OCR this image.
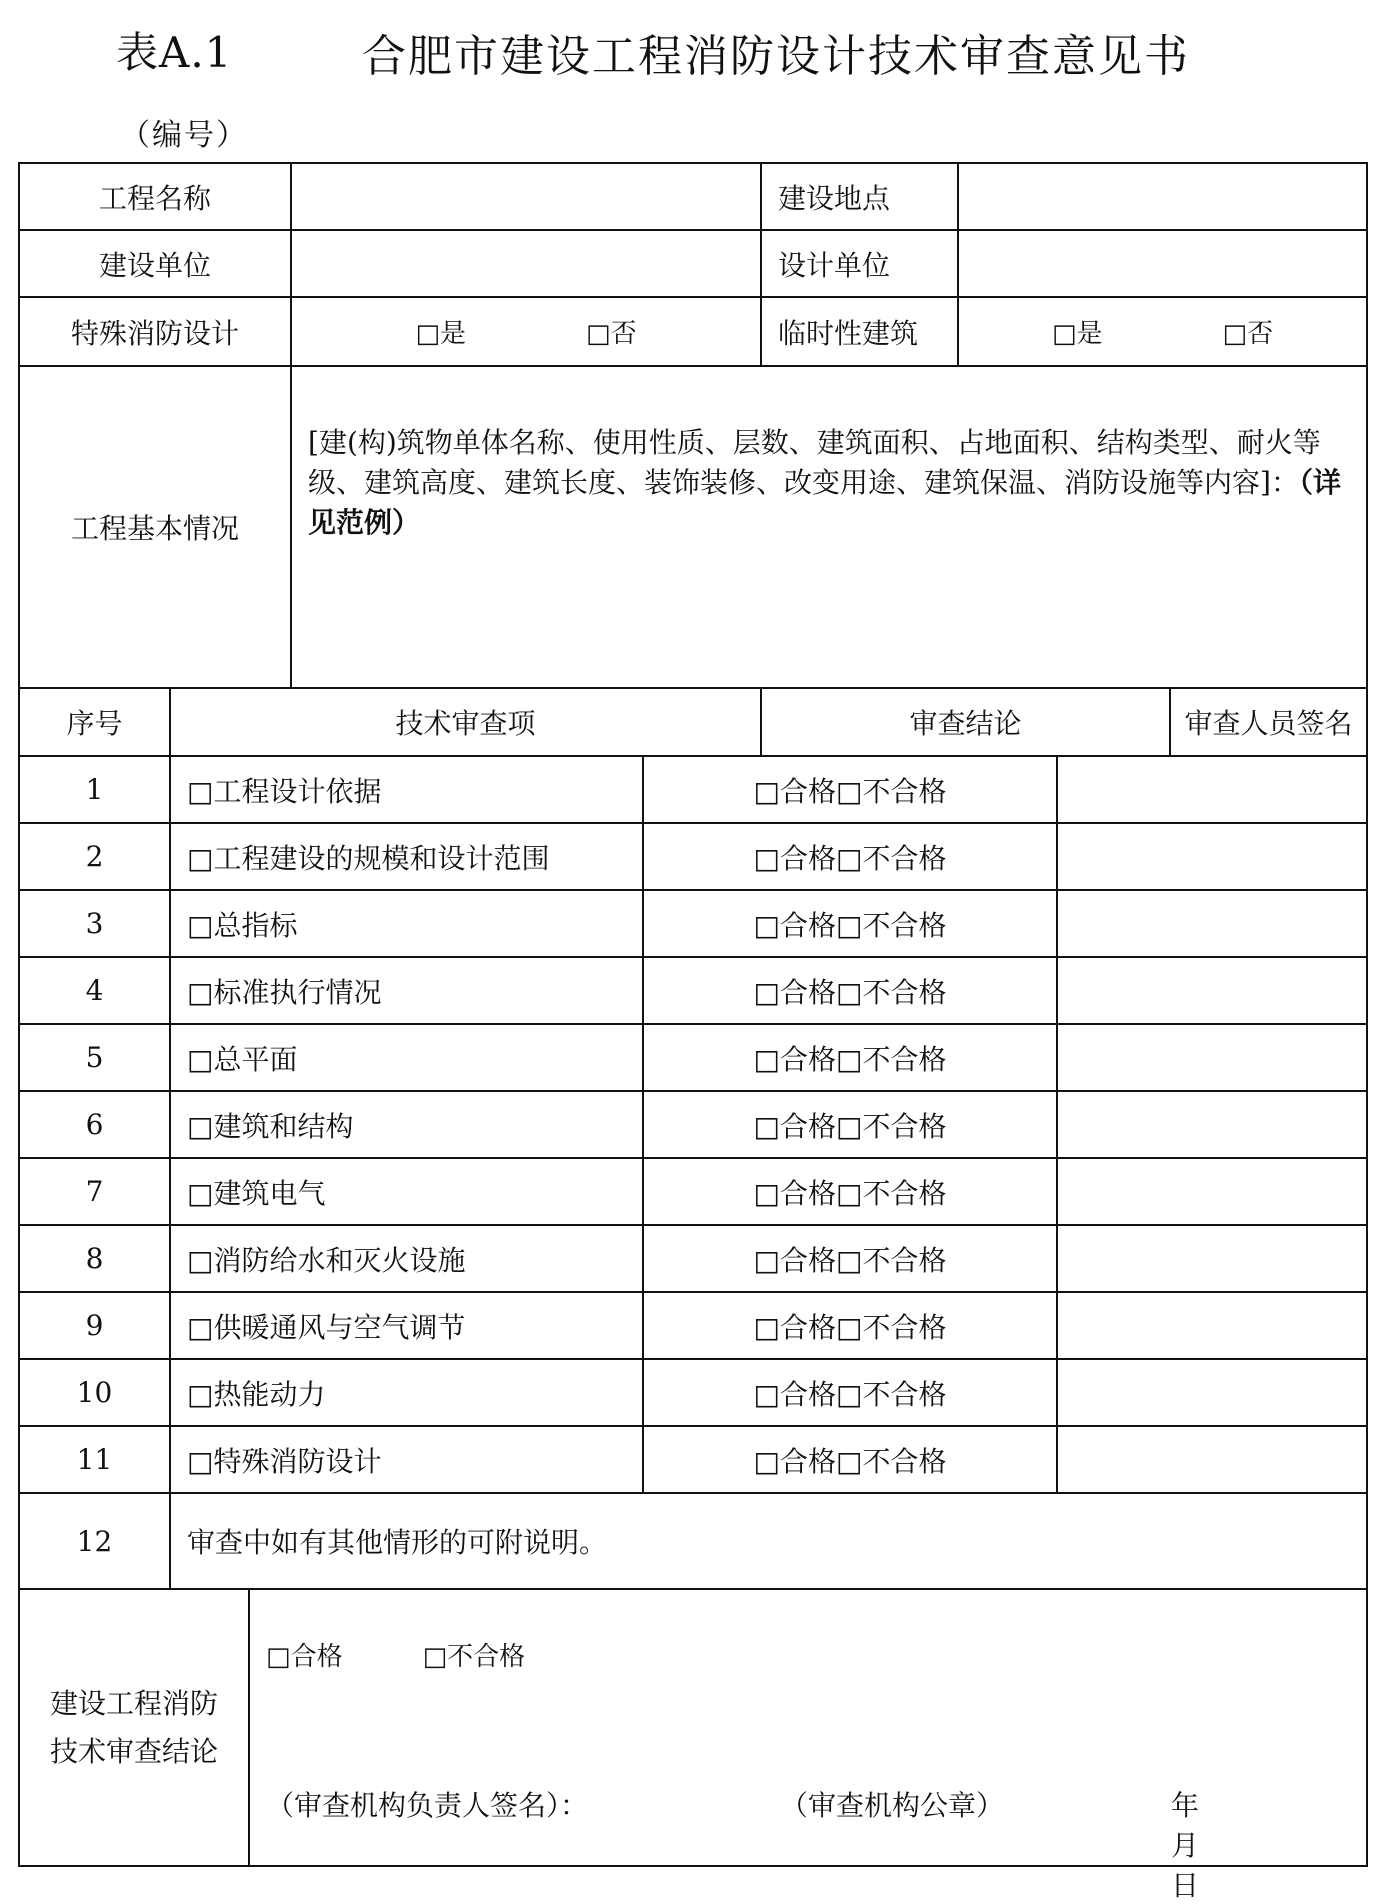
表A.1	合肥市建设工程消防设计技术审查意见书
（编号）
工程名称			建设地点		
建设单位			设计单位		
特殊消防设计		□是 □否	临时性建筑	□是 □否	
工程基本情况		[建(构)筑物单体名称、使用性质、层数、建筑面积、占地面积、结构类型、耐火等级、建筑高度、建筑长度、装饰装修、改变用途、建筑保温、消防设施等内容]：（详见范例）			
序号	技术审查项		审查结论		审查人员签名
1	□工程设计依据	□合格□不合格	
2	□工程建设的规模和设计范围	□合格□不合格	
3	□总指标	□合格□不合格	
4	□标准执行情况	□合格□不合格	
5	□总平面	□合格□不合格	
6	□建筑和结构	□合格□不合格	
7	□建筑电气	□合格□不合格	
8	□消防给水和灭火设施	□合格□不合格	
9	□供暖通风与空气调节	□合格□不合格	
10	□热能动力	□合格□不合格	
11	□特殊消防设计	□合格□不合格	
12	审查中如有其他情形的可附说明。		
建设工程消防
技术审查结论

□合格	□不合格
（审查机构负责人签名）：	（审查机构公章）	年月日
